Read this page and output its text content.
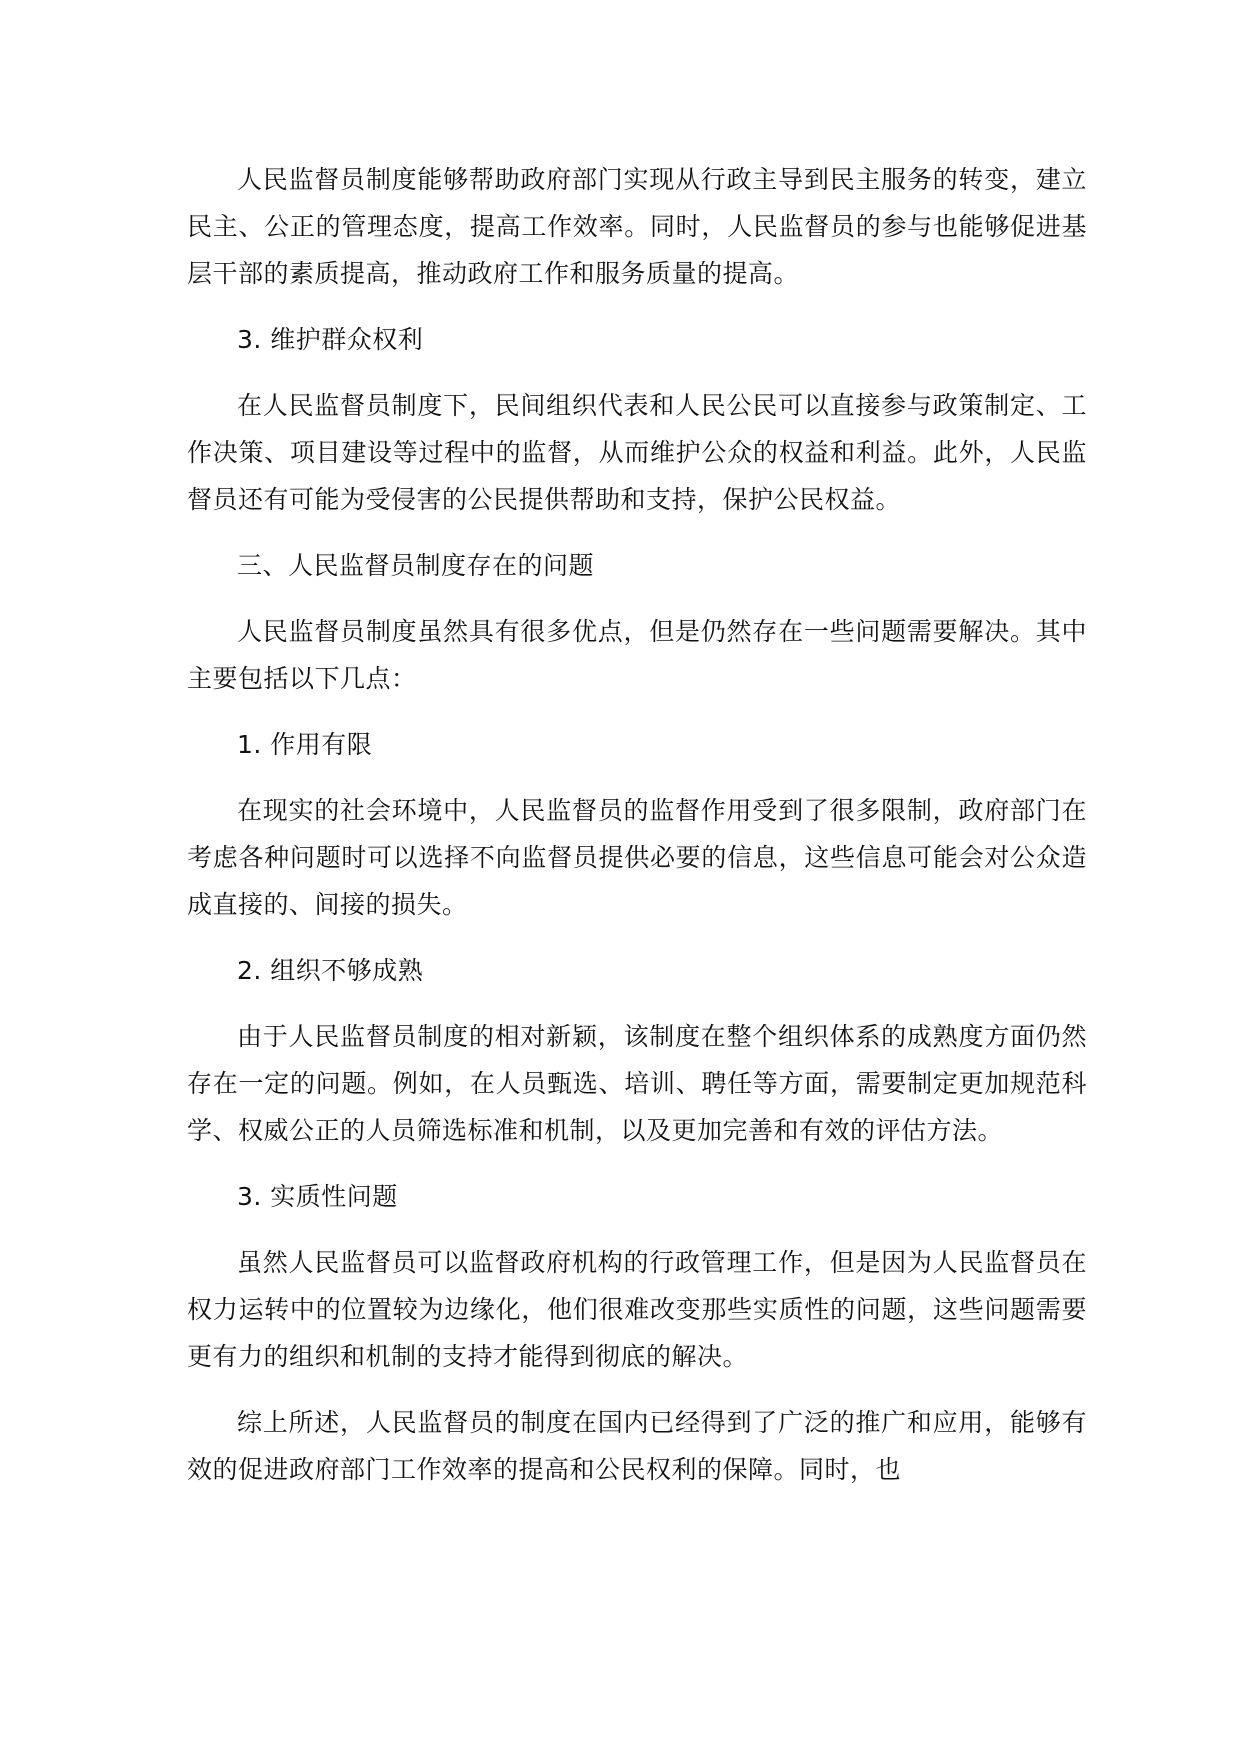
人民监督员制度能够帮助政府部门实现从行政主导到民主服务的转变，建立民主、公正的管理态度，提高工作效率。同时，人民监督员的参与也能够促进基层干部的素质提高，推动政府工作和服务质量的提高。

3. 维护群众权利

在人民监督员制度下，民间组织代表和人民公民可以直接参与政策制定、工作决策、项目建设等过程中的监督，从而维护公众的权益和利益。此外，人民监督员还有可能为受侵害的公民提供帮助和支持，保护公民权益。

三、人民监督员制度存在的问题

人民监督员制度虽然具有很多优点，但是仍然存在一些问题需要解决。其中主要包括以下几点：

1. 作用有限

在现实的社会环境中，人民监督员的监督作用受到了很多限制，政府部门在考虑各种问题时可以选择不向监督员提供必要的信息，这些信息可能会对公众造成直接的、间接的损失。

2. 组织不够成熟

由于人民监督员制度的相对新颖，该制度在整个组织体系的成熟度方面仍然存在一定的问题。例如，在人员甄选、培训、聘任等方面，需要制定更加规范科学、权威公正的人员筛选标准和机制，以及更加完善和有效的评估方法。

3. 实质性问题

虽然人民监督员可以监督政府机构的行政管理工作，但是因为人民监督员在权力运转中的位置较为边缘化，他们很难改变那些实质性的问题，这些问题需要更有力的组织和机制的支持才能得到彻底的解决。

综上所述，人民监督员的制度在国内已经得到了广泛的推广和应用，能够有效的促进政府部门工作效率的提高和公民权利的保障。同时，也
